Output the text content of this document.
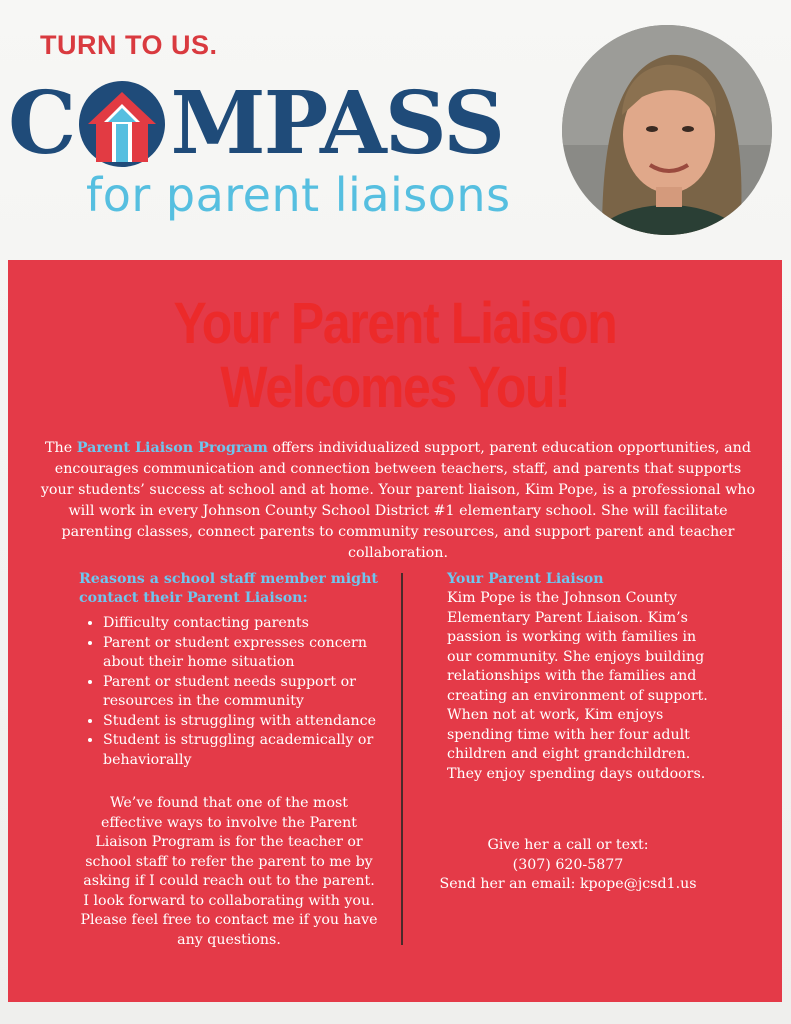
TURN TO US.
C MPASS
for parent liaisons
Your Parent Liaison
Welcomes You!
The Parent Liaison Program offers individualized support, parent education opportunities, and encourages communication and connection between teachers, staff, and parents that supports your students’ success at school and at home. Your parent liaison, Kim Pope, is a professional who will work in every Johnson County School District #1 elementary school. She will facilitate parenting classes, connect parents to community resources, and support parent and teacher collaboration.
Reasons a school staff member might contact their Parent Liaison:
• Difficulty contacting parents
• Parent or student expresses concern about their home situation
• Parent or student needs support or resources in the community
• Student is struggling with attendance
• Student is struggling academically or behaviorally
We’ve found that one of the most effective ways to involve the Parent Liaison Program is for the teacher or school staff to refer the parent to me by asking if I could reach out to the parent. I look forward to collaborating with you. Please feel free to contact me if you have any questions.
Your Parent Liaison
Kim Pope is the Johnson County Elementary Parent Liaison. Kim’s passion is working with families in our community. She enjoys building relationships with the families and creating an environment of support. When not at work, Kim enjoys spending time with her four adult children and eight grandchildren. They enjoy spending days outdoors.
Give her a call or text:
(307) 620-5877
Send her an email: kpope@jcsd1.us
